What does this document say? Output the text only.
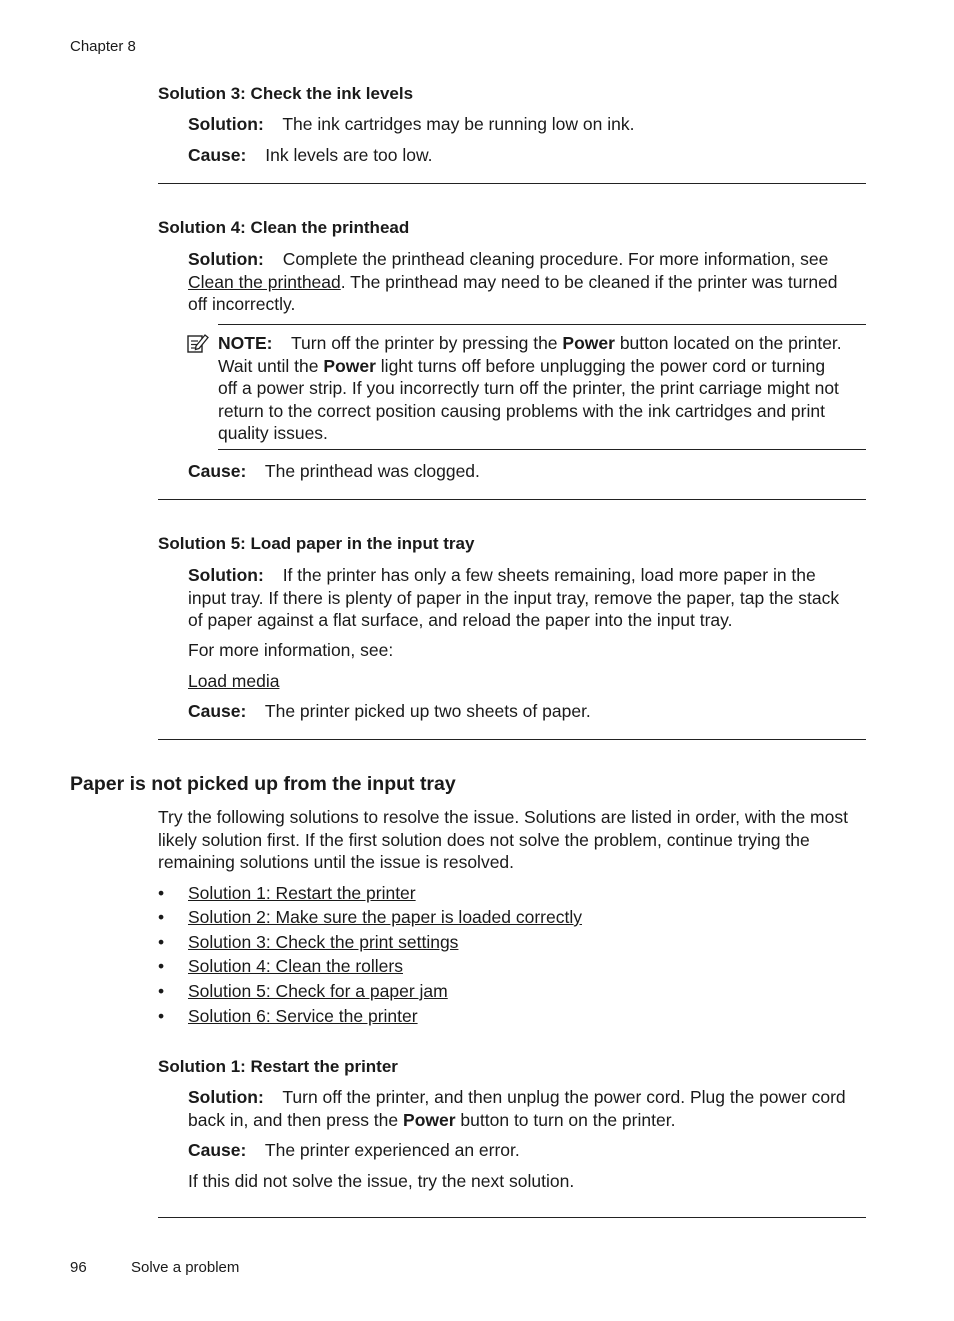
Chapter 8
Solution 3: Check the ink levels
Solution: The ink cartridges may be running low on ink.
Cause: Ink levels are too low.
Solution 4: Clean the printhead
Solution: Complete the printhead cleaning procedure. For more information, see
Clean the printhead. The printhead may need to be cleaned if the printer was turned
off incorrectly.
NOTE: Turn off the printer by pressing the Power button located on the printer.
Wait until the Power light turns off before unplugging the power cord or turning
off a power strip. If you incorrectly turn off the printer, the print carriage might not
return to the correct position causing problems with the ink cartridges and print
quality issues.
Cause: The printhead was clogged.
Solution 5: Load paper in the input tray
Solution: If the printer has only a few sheets remaining, load more paper in the
input tray. If there is plenty of paper in the input tray, remove the paper, tap the stack
of paper against a flat surface, and reload the paper into the input tray.
For more information, see:
Load media
Cause: The printer picked up two sheets of paper.
Paper is not picked up from the input tray
Try the following solutions to resolve the issue. Solutions are listed in order, with the most
likely solution first. If the first solution does not solve the problem, continue trying the
remaining solutions until the issue is resolved.
• Solution 1: Restart the printer
• Solution 2: Make sure the paper is loaded correctly
• Solution 3: Check the print settings
• Solution 4: Clean the rollers
• Solution 5: Check for a paper jam
• Solution 6: Service the printer
Solution 1: Restart the printer
Solution: Turn off the printer, and then unplug the power cord. Plug the power cord
back in, and then press the Power button to turn on the printer.
Cause: The printer experienced an error.
If this did not solve the issue, try the next solution.
96	Solve a problem
